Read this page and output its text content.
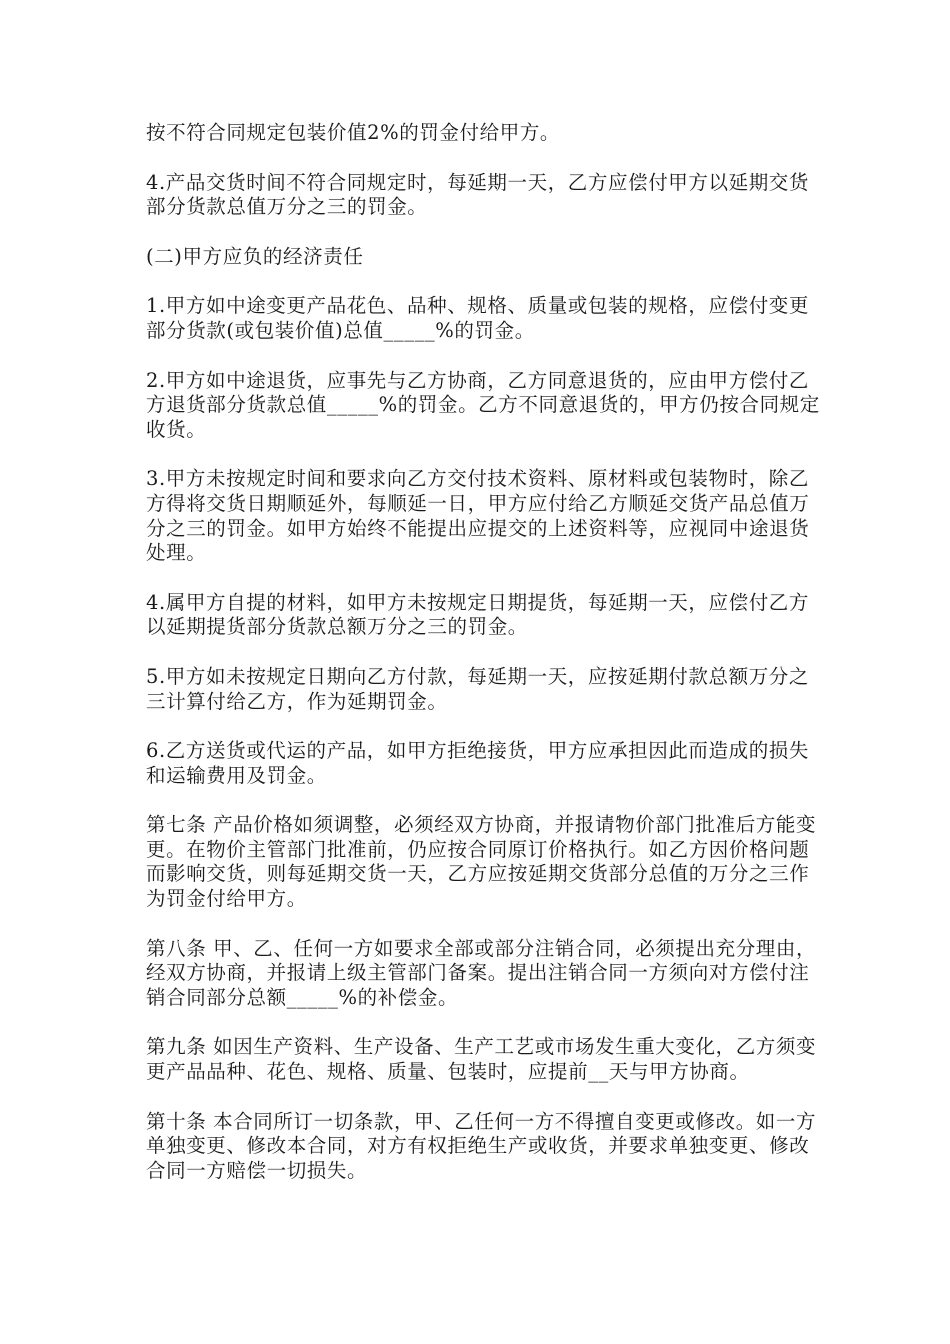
按不符合同规定包装价值2%的罚金付给甲方。

4.产品交货时间不符合同规定时，每延期一天，乙方应偿付甲方以延期交货部分货款总值万分之三的罚金。

(二)甲方应负的经济责任

1.甲方如中途变更产品花色、品种、规格、质量或包装的规格，应偿付变更部分货款(或包装价值)总值_____%的罚金。

2.甲方如中途退货，应事先与乙方协商，乙方同意退货的，应由甲方偿付乙方退货部分货款总值_____%的罚金。乙方不同意退货的，甲方仍按合同规定收货。

3.甲方未按规定时间和要求向乙方交付技术资料、原材料或包装物时，除乙方得将交货日期顺延外，每顺延一日，甲方应付给乙方顺延交货产品总值万分之三的罚金。如甲方始终不能提出应提交的上述资料等，应视同中途退货处理。

4.属甲方自提的材料，如甲方未按规定日期提货，每延期一天，应偿付乙方以延期提货部分货款总额万分之三的罚金。

5.甲方如未按规定日期向乙方付款，每延期一天，应按延期付款总额万分之三计算付给乙方，作为延期罚金。

6.乙方送货或代运的产品，如甲方拒绝接货，甲方应承担因此而造成的损失和运输费用及罚金。

第七条 产品价格如须调整，必须经双方协商，并报请物价部门批准后方能变更。在物价主管部门批准前，仍应按合同原订价格执行。如乙方因价格问题而影响交货，则每延期交货一天，乙方应按延期交货部分总值的万分之三作为罚金付给甲方。

第八条 甲、乙、任何一方如要求全部或部分注销合同，必须提出充分理由，经双方协商，并报请上级主管部门备案。提出注销合同一方须向对方偿付注销合同部分总额_____%的补偿金。

第九条 如因生产资料、生产设备、生产工艺或市场发生重大变化，乙方须变更产品品种、花色、规格、质量、包装时，应提前__天与甲方协商。

第十条 本合同所订一切条款，甲、乙任何一方不得擅自变更或修改。如一方单独变更、修改本合同，对方有权拒绝生产或收货，并要求单独变更、修改合同一方赔偿一切损失。
